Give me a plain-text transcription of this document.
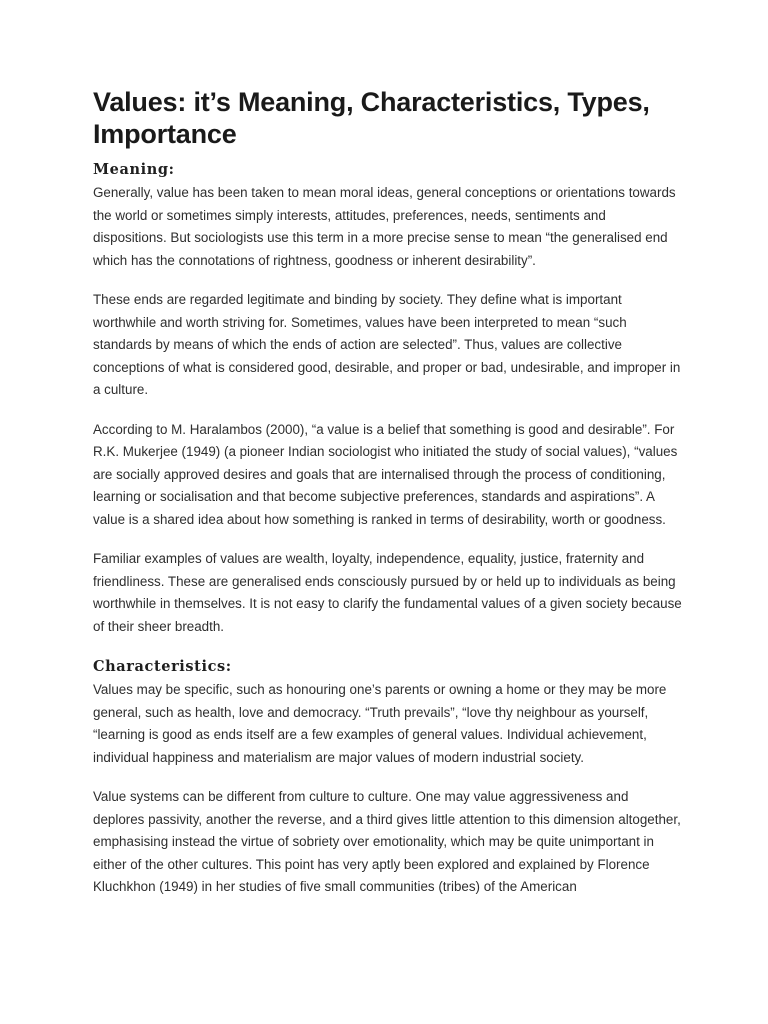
Values: it’s Meaning, Characteristics, Types, Importance
Meaning:

Generally, value has been taken to mean moral ideas, general conceptions or orientations towards the world or sometimes simply interests, attitudes, preferences, needs, sentiments and dispositions. But sociologists use this term in a more precise sense to mean “the generalised end which has the connotations of rightness, goodness or inherent desirability”.

These ends are regarded legitimate and binding by society. They define what is important worthwhile and worth striving for. Sometimes, values have been interpreted to mean “such standards by means of which the ends of action are selected”. Thus, values are collective conceptions of what is considered good, desirable, and proper or bad, undesirable, and improper in a culture.

According to M. Haralambos (2000), “a value is a belief that something is good and desirable”. For R.K. Mukerjee (1949) (a pioneer Indian sociologist who initiated the study of social values), “values are socially approved desires and goals that are internalised through the process of conditioning, learning or socialisation and that become subjective preferences, standards and aspirations”. A value is a shared idea about how something is ranked in terms of desirability, worth or goodness.

Familiar examples of values are wealth, loyalty, independence, equality, justice, fraternity and friendliness. These are generalised ends consciously pursued by or held up to individuals as being worthwhile in themselves. It is not easy to clarify the fundamental values of a given society because of their sheer breadth.

Characteristics:

Values may be specific, such as honouring one’s parents or owning a home or they may be more general, such as health, love and democracy. “Truth prevails”, “love thy neighbour as yourself, “learning is good as ends itself are a few examples of general values. Individual achievement, individual happiness and materialism are major values of modern industrial society.

Value systems can be different from culture to culture. One may value aggressiveness and deplores passivity, another the reverse, and a third gives little attention to this dimension altogether, emphasising instead the virtue of sobriety over emotionality, which may be quite unimportant in either of the other cultures. This point has very aptly been explored and explained by Florence Kluchkhon (1949) in her studies of five small communities (tribes) of the American
